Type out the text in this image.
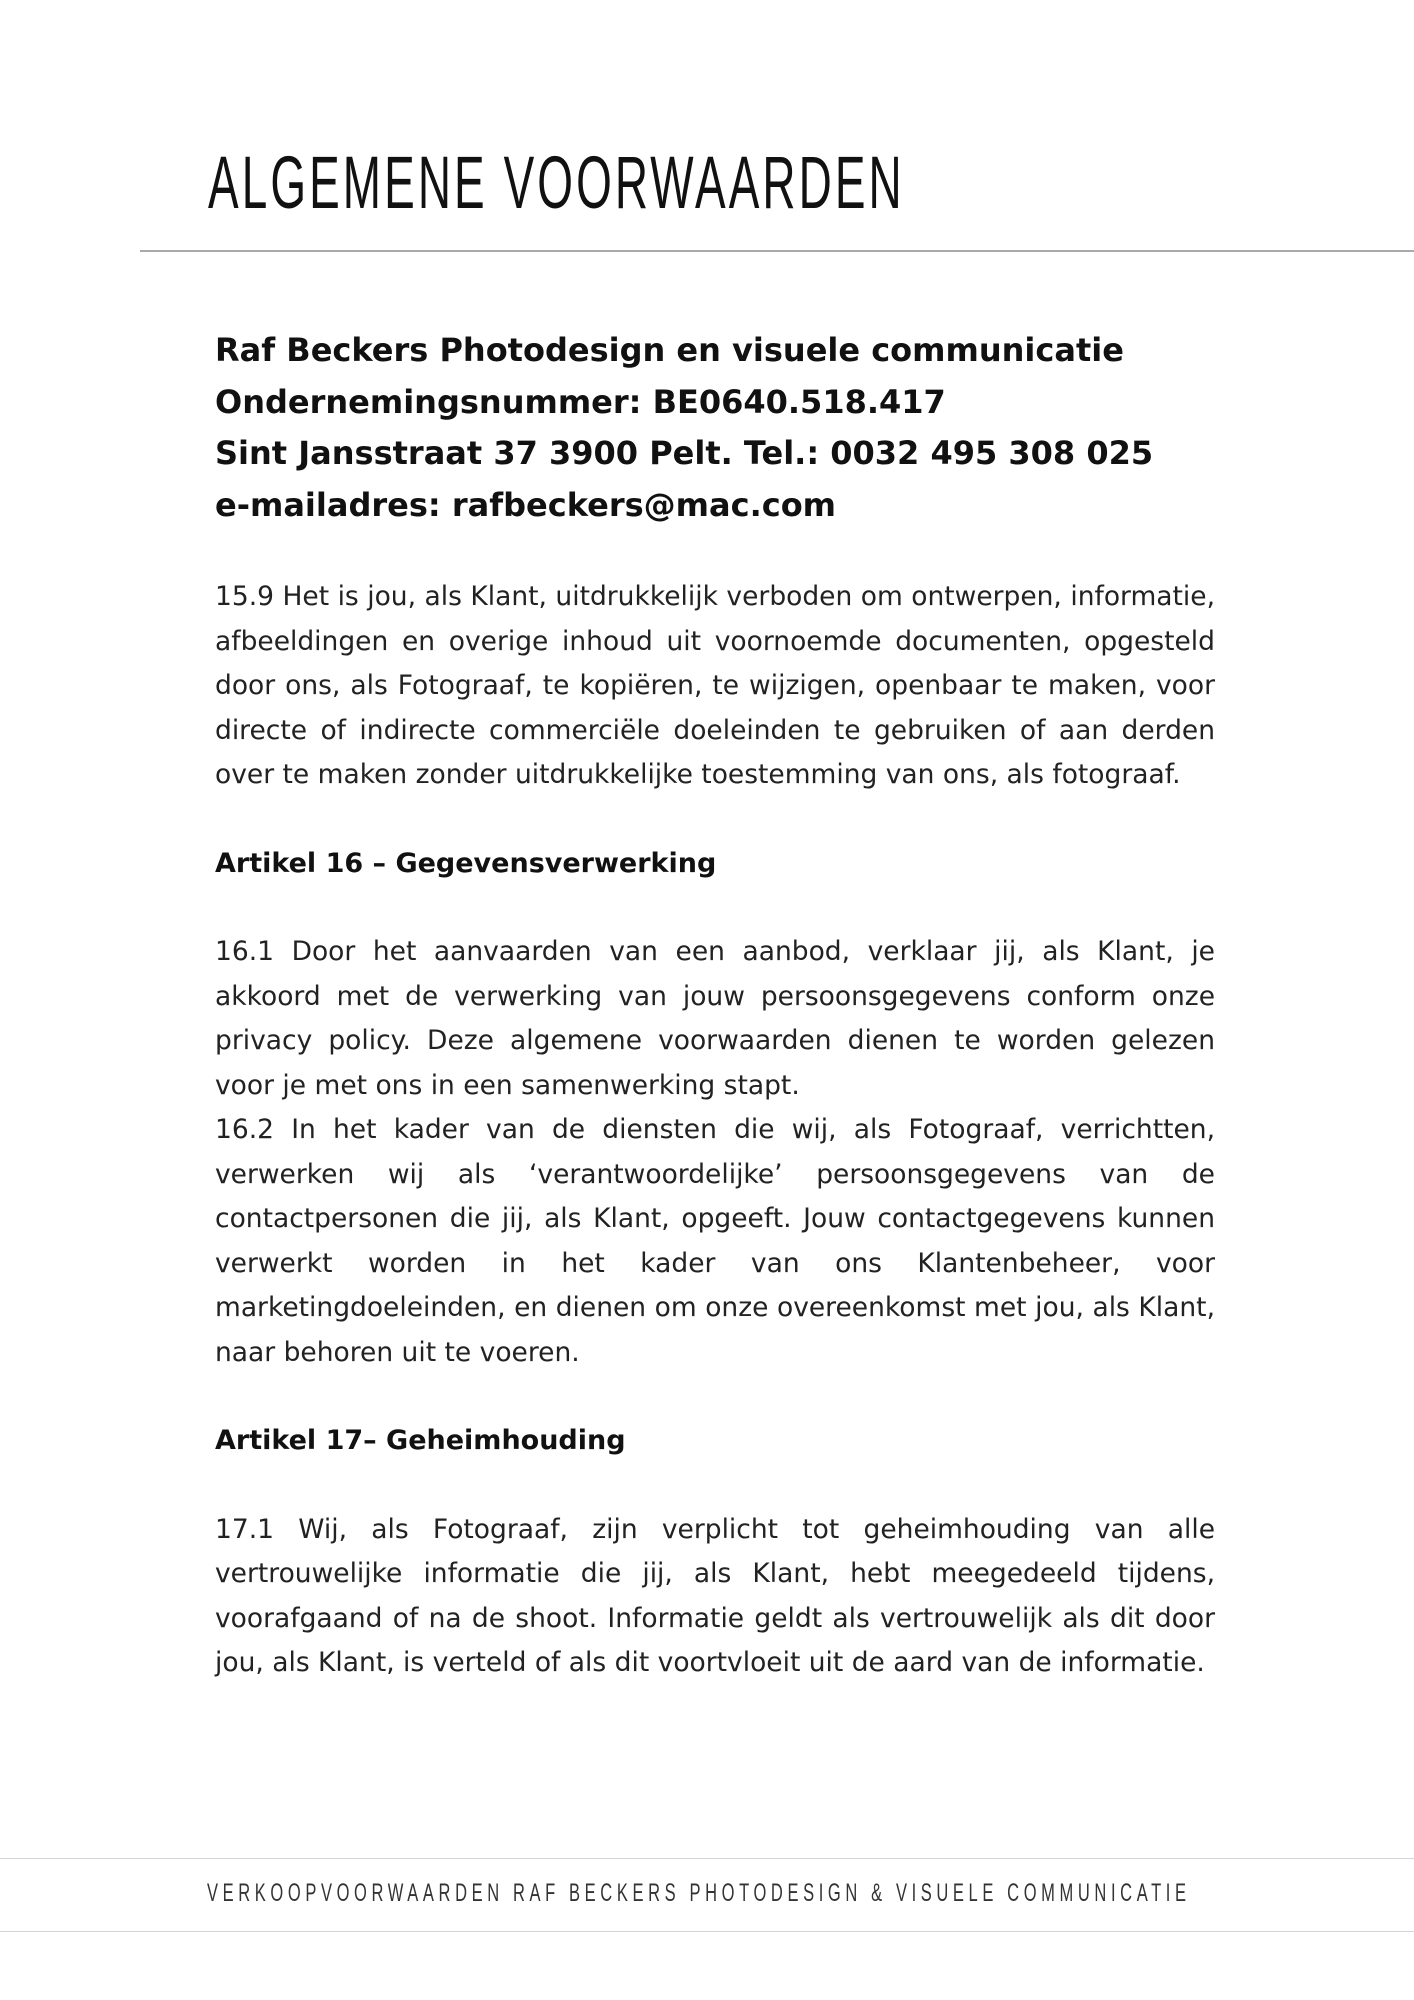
ALGEMENE VOORWAARDEN
Raf Beckers Photodesign en visuele communicatie
Ondernemingsnummer: BE0640.518.417
Sint Jansstraat 37 3900 Pelt. Tel.: 0032 495 308 025
e-mailadres: rafbeckers@mac.com

15.9 Het is jou, als Klant, uitdrukkelijk verboden om ontwerpen, informatie, afbeeldingen en overige inhoud uit voornoemde documenten, opgesteld door ons, als Fotograaf, te kopiëren, te wijzigen, openbaar te maken, voor directe of indirecte commerciële doeleinden te gebruiken of aan derden over te maken zonder uitdrukkelijke toestemming van ons, als fotograaf.

Artikel 16 – Gegevensverwerking

16.1 Door het aanvaarden van een aanbod, verklaar jij, als Klant, je akkoord met de verwerking van jouw persoonsgegevens conform onze privacy policy. Deze algemene voorwaarden dienen te worden gelezen voor je met ons in een samenwerking stapt.

16.2 In het kader van de diensten die wij, als Fotograaf, verrichtten, verwerken wij als ‘verantwoordelijke’ persoonsgegevens van de contactpersonen die jij, als Klant, opgeeft. Jouw contactgegevens kunnen verwerkt worden in het kader van ons Klantenbeheer, voor marketingdoeleinden, en dienen om onze overeenkomst met jou, als Klant, naar behoren uit te voeren.

Artikel 17– Geheimhouding

17.1 Wij, als Fotograaf, zijn verplicht tot geheimhouding van alle vertrouwelijke informatie die jij, als Klant, hebt meegedeeld tijdens, voorafgaand of na de shoot. Informatie geldt als vertrouwelijk als dit door jou, als Klant, is verteld of als dit voortvloeit uit de aard van de informatie.

VERKOOPVOORWAARDEN RAF BECKERS PHOTODESIGN & VISUELE COMMUNICATIE
